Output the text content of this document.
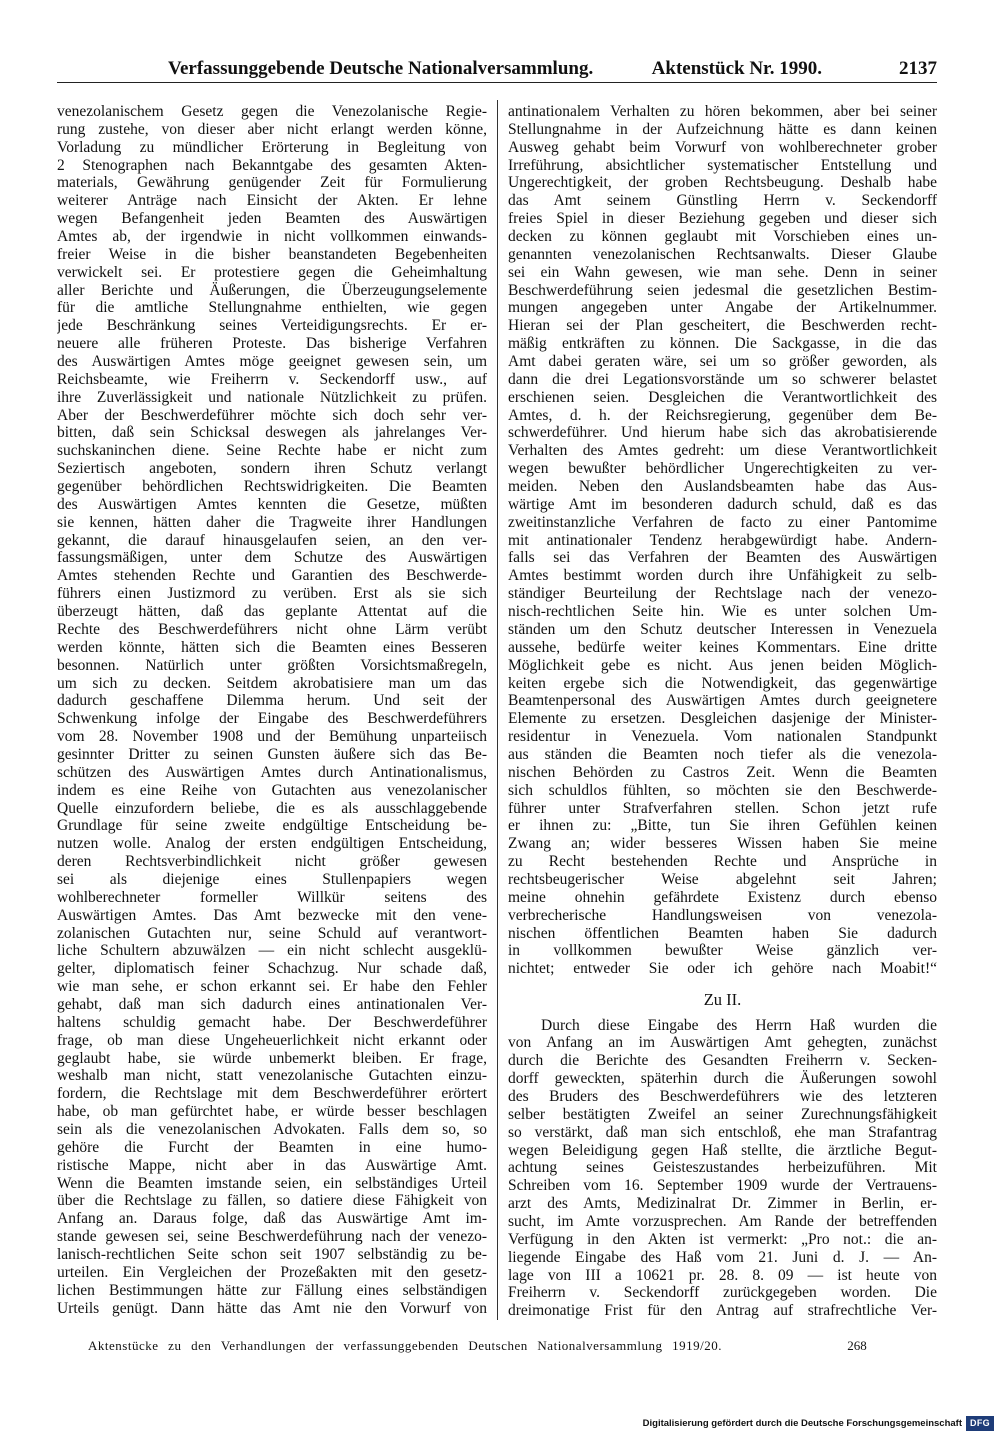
Verfassunggebende Deutsche Nationalversammlung.	Aktenstück Nr. 1990.	2137
venezolanischem Gesetz gegen die Venezolanische Regie-
rung zustehe, von dieser aber nicht erlangt werden könne,
Vorladung zu mündlicher Erörterung in Begleitung von
2 Stenographen nach Bekanntgabe des gesamten Akten-
materials, Gewährung genügender Zeit für Formulierung
weiterer Anträge nach Einsicht der Akten. Er lehne
wegen Befangenheit jeden Beamten des Auswärtigen
Amtes ab, der irgendwie in nicht vollkommen einwands-
freier Weise in die bisher beanstandeten Begebenheiten
verwickelt sei. Er protestiere gegen die Geheimhaltung
aller Berichte und Äußerungen, die Überzeugungselemente
für die amtliche Stellungnahme enthielten, wie gegen
jede Beschränkung seines Verteidigungsrechts. Er er-
neuere alle früheren Proteste. Das bisherige Verfahren
des Auswärtigen Amtes möge geeignet gewesen sein, um
Reichsbeamte, wie Freiherrn v. Seckendorff usw., auf
ihre Zuverlässigkeit und nationale Nützlichkeit zu prüfen.
Aber der Beschwerdeführer möchte sich doch sehr ver-
bitten, daß sein Schicksal deswegen als jahrelanges Ver-
suchskaninchen diene. Seine Rechte habe er nicht zum
Seziertisch angeboten, sondern ihren Schutz verlangt
gegenüber behördlichen Rechtswidrigkeiten. Die Beamten
des Auswärtigen Amtes kennten die Gesetze, müßten
sie kennen, hätten daher die Tragweite ihrer Handlungen
gekannt, die darauf hinausgelaufen seien, an den ver-
fassungsmäßigen, unter dem Schutze des Auswärtigen
Amtes stehenden Rechte und Garantien des Beschwerde-
führers einen Justizmord zu verüben. Erst als sie sich
überzeugt hätten, daß das geplante Attentat auf die
Rechte des Beschwerdeführers nicht ohne Lärm verübt
werden könnte, hätten sich die Beamten eines Besseren
besonnen. Natürlich unter größten Vorsichtsmaßregeln,
um sich zu decken. Seitdem akrobatisiere man um das
dadurch geschaffene Dilemma herum. Und seit der
Schwenkung infolge der Eingabe des Beschwerdeführers
vom 28. November 1908 und der Bemühung unparteiisch
gesinnter Dritter zu seinen Gunsten äußere sich das Be-
schützen des Auswärtigen Amtes durch Antinationalismus,
indem es eine Reihe von Gutachten aus venezolanischer
Quelle einzufordern beliebe, die es als ausschlaggebende
Grundlage für seine zweite endgültige Entscheidung be-
nutzen wolle. Analog der ersten endgültigen Entscheidung,
deren Rechtsverbindlichkeit nicht größer gewesen
sei als diejenige eines Stullenpapiers wegen
wohlberechneter formeller Willkür seitens des
Auswärtigen Amtes. Das Amt bezwecke mit den vene-
zolanischen Gutachten nur, seine Schuld auf verantwort-
liche Schultern abzuwälzen — ein nicht schlecht ausgeklü-
gelter, diplomatisch feiner Schachzug. Nur schade daß,
wie man sehe, er schon erkannt sei. Er habe den Fehler
gehabt, daß man sich dadurch eines antinationalen Ver-
haltens schuldig gemacht habe. Der Beschwerdeführer
frage, ob man diese Ungeheuerlichkeit nicht erkannt oder
geglaubt habe, sie würde unbemerkt bleiben. Er frage,
weshalb man nicht, statt venezolanische Gutachten einzu-
fordern, die Rechtslage mit dem Beschwerdeführer erörtert
habe, ob man gefürchtet habe, er würde besser beschlagen
sein als die venezolanischen Advokaten. Falls dem so, so
gehöre die Furcht der Beamten in eine humo-
ristische Mappe, nicht aber in das Auswärtige Amt.
Wenn die Beamten imstande seien, ein selbständiges Urteil
über die Rechtslage zu fällen, so datiere diese Fähigkeit von
Anfang an. Daraus folge, daß das Auswärtige Amt im-
stande gewesen sei, seine Beschwerdeführung nach der venezo-
lanisch-rechtlichen Seite schon seit 1907 selbständig zu be-
urteilen. Ein Vergleichen der Prozeßakten mit den gesetz-
lichen Bestimmungen hätte zur Fällung eines selbständigen
Urteils genügt. Dann hätte das Amt nie den Vorwurf von
antinationalem Verhalten zu hören bekommen, aber bei seiner
Stellungnahme in der Aufzeichnung hätte es dann keinen
Ausweg gehabt beim Vorwurf von wohlberechneter grober
Irreführung, absichtlicher systematischer Entstellung und
Ungerechtigkeit, der groben Rechtsbeugung. Deshalb habe
das Amt seinem Günstling Herrn v. Seckendorff
freies Spiel in dieser Beziehung gegeben und dieser sich
decken zu können geglaubt mit Vorschieben eines un-
genannten venezolanischen Rechtsanwalts. Dieser Glaube
sei ein Wahn gewesen, wie man sehe. Denn in seiner
Beschwerdeführung seien jedesmal die gesetzlichen Bestim-
mungen angegeben unter Angabe der Artikelnummer.
Hieran sei der Plan gescheitert, die Beschwerden recht-
mäßig entkräften zu können. Die Sackgasse, in die das
Amt dabei geraten wäre, sei um so größer geworden, als
dann die drei Legationsvorstände um so schwerer belastet
erschienen seien. Desgleichen die Verantwortlichkeit des
Amtes, d. h. der Reichsregierung, gegenüber dem Be-
schwerdeführer. Und hierum habe sich das akrobatisierende
Verhalten des Amtes gedreht: um diese Verantwortlichkeit
wegen bewußter behördlicher Ungerechtigkeiten zu ver-
meiden. Neben den Auslandsbeamten habe das Aus-
wärtige Amt im besonderen dadurch schuld, daß es das
zweitinstanzliche Verfahren de facto zu einer Pantomime
mit antinationaler Tendenz herabgewürdigt habe. Andern-
falls sei das Verfahren der Beamten des Auswärtigen
Amtes bestimmt worden durch ihre Unfähigkeit zu selb-
ständiger Beurteilung der Rechtslage nach der venezo-
nisch-rechtlichen Seite hin. Wie es unter solchen Um-
ständen um den Schutz deutscher Interessen in Venezuela
aussehe, bedürfe weiter keines Kommentars. Eine dritte
Möglichkeit gebe es nicht. Aus jenen beiden Möglich-
keiten ergebe sich die Notwendigkeit, das gegenwärtige
Beamtenpersonal des Auswärtigen Amtes durch geeignetere
Elemente zu ersetzen. Desgleichen dasjenige der Minister-
residentur in Venezuela. Vom nationalen Standpunkt
aus ständen die Beamten noch tiefer als die venezola-
nischen Behörden zu Castros Zeit. Wenn die Beamten
sich schuldlos fühlten, so möchten sie den Beschwerde-
führer unter Strafverfahren stellen. Schon jetzt rufe
er ihnen zu: „Bitte, tun Sie ihren Gefühlen keinen
Zwang an; wider besseres Wissen haben Sie meine
zu Recht bestehenden Rechte und Ansprüche in
rechtsbeugerischer Weise abgelehnt seit Jahren;
meine ohnehin gefährdete Existenz durch ebenso
verbrecherische Handlungsweisen von venezola-
nischen öffentlichen Beamten haben Sie dadurch
in vollkommen bewußter Weise gänzlich ver-
nichtet; entweder Sie oder ich gehöre nach Moabit!“
Zu II.
Durch diese Eingabe des Herrn Haß wurden die
von Anfang an im Auswärtigen Amt gehegten, zunächst
durch die Berichte des Gesandten Freiherrn v. Secken-
dorff geweckten, späterhin durch die Äußerungen sowohl
des Bruders des Beschwerdeführers wie des letzteren
selber bestätigten Zweifel an seiner Zurechnungsfähigkeit
so verstärkt, daß man sich entschloß, ehe man Strafantrag
wegen Beleidigung gegen Haß stellte, die ärztliche Begut-
achtung seines Geisteszustandes herbeizuführen. Mit
Schreiben vom 16. September 1909 wurde der Vertrauens-
arzt des Amts, Medizinalrat Dr. Zimmer in Berlin, er-
sucht, im Amte vorzusprechen. Am Rande der betreffenden
Verfügung in den Akten ist vermerkt: „Pro not.: die an-
liegende Eingabe des Haß vom 21. Juni d. J. — An-
lage von III a 10621 pr. 28. 8. 09 — ist heute von
Freiherrn v. Seckendorff zurückgegeben worden. Die
dreimonatige Frist für den Antrag auf strafrechtliche Ver-
Aktenstücke zu den Verhandlungen der verfassunggebenden Deutschen Nationalversammlung 1919/20.	268
Digitalisierung gefördert durch die Deutsche Forschungsgemeinschaft DFG
